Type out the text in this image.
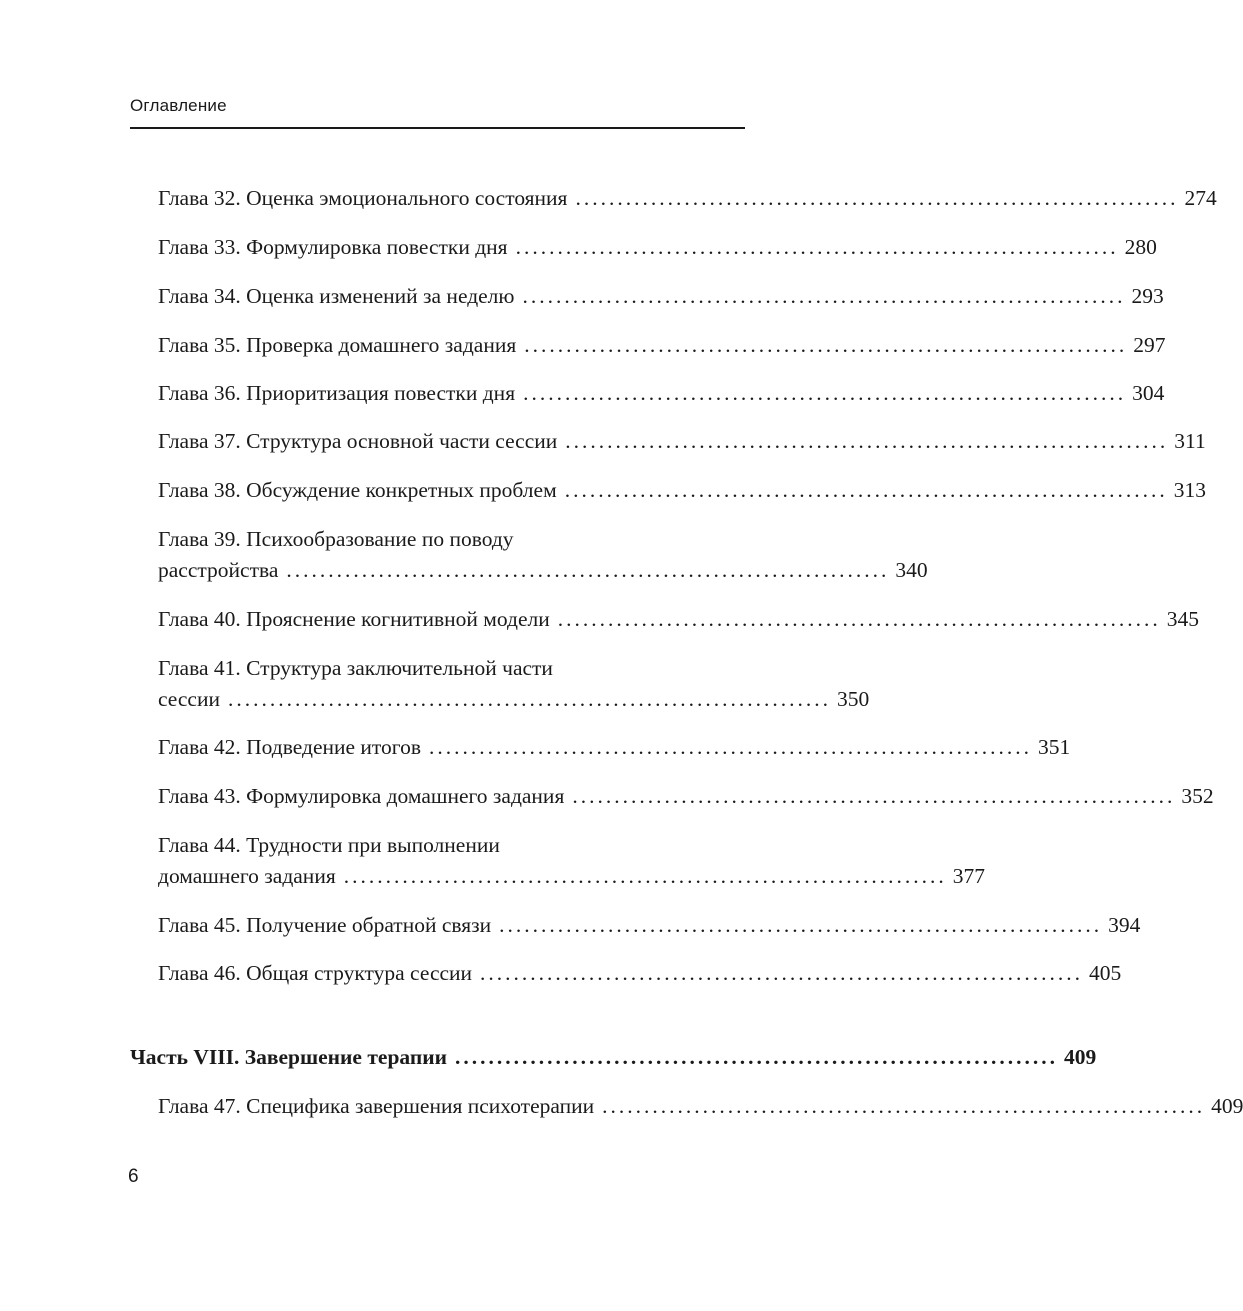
Оглавление
Глава 32. Оценка эмоционального состояния ........................................................................ 274
Глава 33. Формулировка повестки дня ........................................................................ 280
Глава 34. Оценка изменений за неделю ........................................................................ 293
Глава 35. Проверка домашнего задания ........................................................................ 297
Глава 36. Приоритизация повестки дня ........................................................................ 304
Глава 37. Структура основной части сессии ........................................................................ 311
Глава 38. Обсуждение конкретных проблем ........................................................................ 313
Глава 39. Психообразование по поводу
расстройства ........................................................................ 340
Глава 40. Прояснение когнитивной модели ........................................................................ 345
Глава 41. Структура заключительной части
сессии ........................................................................ 350
Глава 42. Подведение итогов ........................................................................ 351
Глава 43. Формулировка домашнего задания ........................................................................ 352
Глава 44. Трудности при выполнении
домашнего задания ........................................................................ 377
Глава 45. Получение обратной связи ........................................................................ 394
Глава 46. Общая структура сессии ........................................................................ 405
Часть VIII. Завершение терапии ........................................................................ 409
Глава 47. Специфика завершения психотерапии ........................................................................ 409
6
